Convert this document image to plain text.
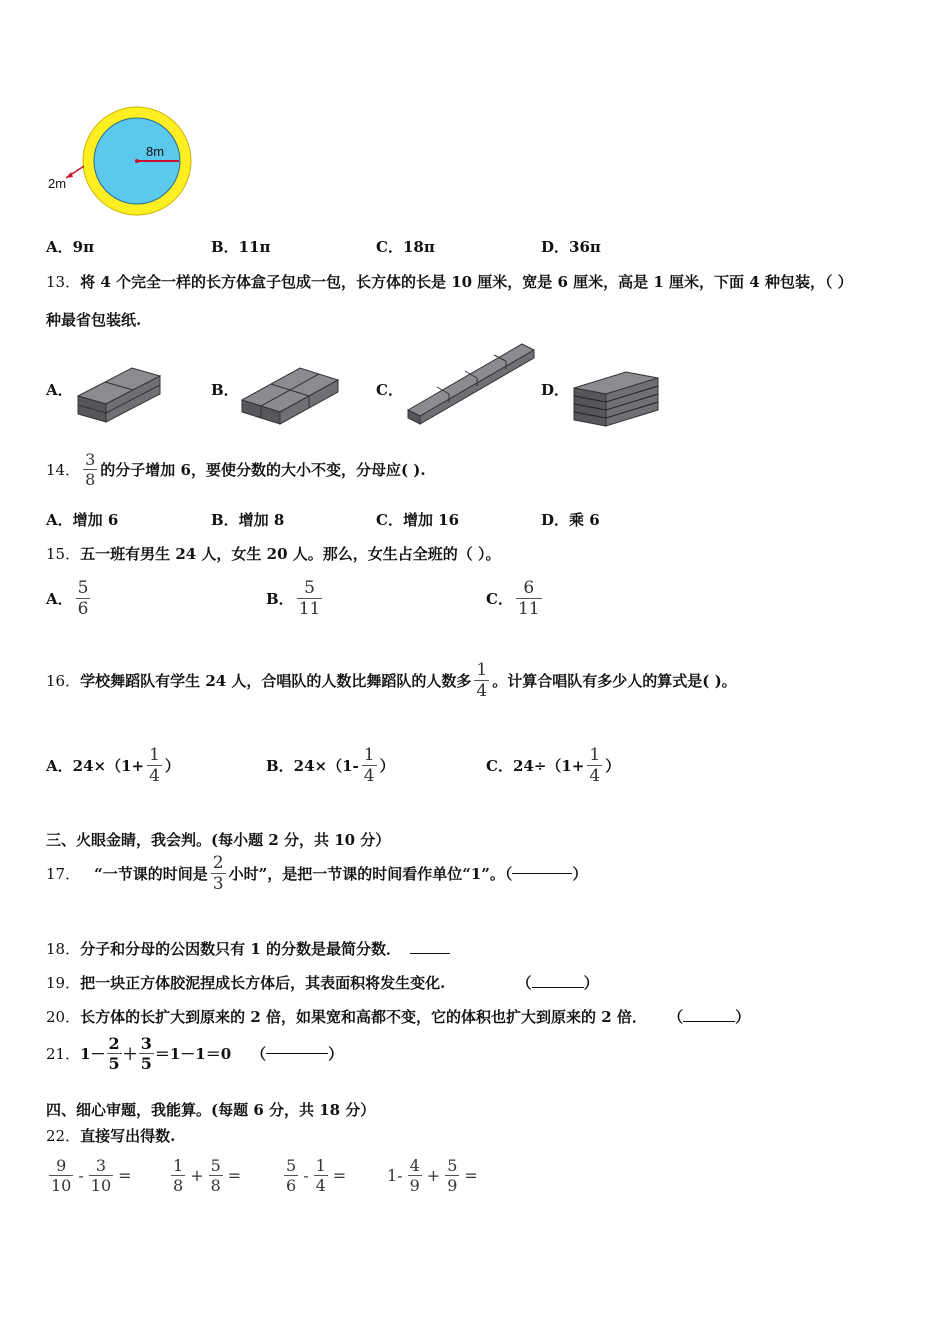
8m
2m
A．9π	B．11π	C．18π	D．36π
13．将 4 个完全一样的长方体盒子包成一包，长方体的长是 10 厘米，宽是 6 厘米，高是 1 厘米，下面 4 种包装，（ ）
种最省包装纸.
A．	B．	C．	D．
14． $\frac{3}{8}$ 的分子增加 6，要使分数的大小不变，分母应( ).
A．增加 6	B．增加 8	C．增加 16	D．乘 6
15．五一班有男生 24 人，女生 20 人。那么，女生占全班的（ ）。
A． $\frac{5}{6}$	B． $\frac{5}{11}$	C． $\frac{6}{11}$
16． 学校舞蹈队有学生 24 人，合唱队的人数比舞蹈队的人数多 $\frac{1}{4}$ 。计算合唱队有多少人的算式是( )。
A．$24\times(1+ \frac{1}{4}$ ）	B．$24\times(1- \frac{1}{4}$ ）	C．$24\div(1+ \frac{1}{4}$ ）
三、火眼金睛，我会判。(每小题 2 分，共 10 分）
17． “一节课的时间是 $\frac{2}{3}$ 小时”，是把一节课的时间看作单位“1”。（	）
18．分子和分母的公因数只有 1 的分数是最简分数．
19．把一块正方体胶泥捏成长方体后，其表面积将发生变化.	（	）
20．长方体的长扩大到原来的 2 倍，如果宽和高都不变，它的体积也扩大到原来的 2 倍． （	）
21． $1- \frac{2}{5} + \frac{3}{5} =1-1=0$ （	）
四、细心审题，我能算。(每题 6 分，共 18 分）
22．直接写出得数.
$\frac{9}{10} - \frac{3}{10} = \frac{1}{8} + \frac{5}{8}$ =	$\frac{5}{6} - \frac{1}{4}$ =	$1- \frac{4}{9} + \frac{5}{9}$ =
